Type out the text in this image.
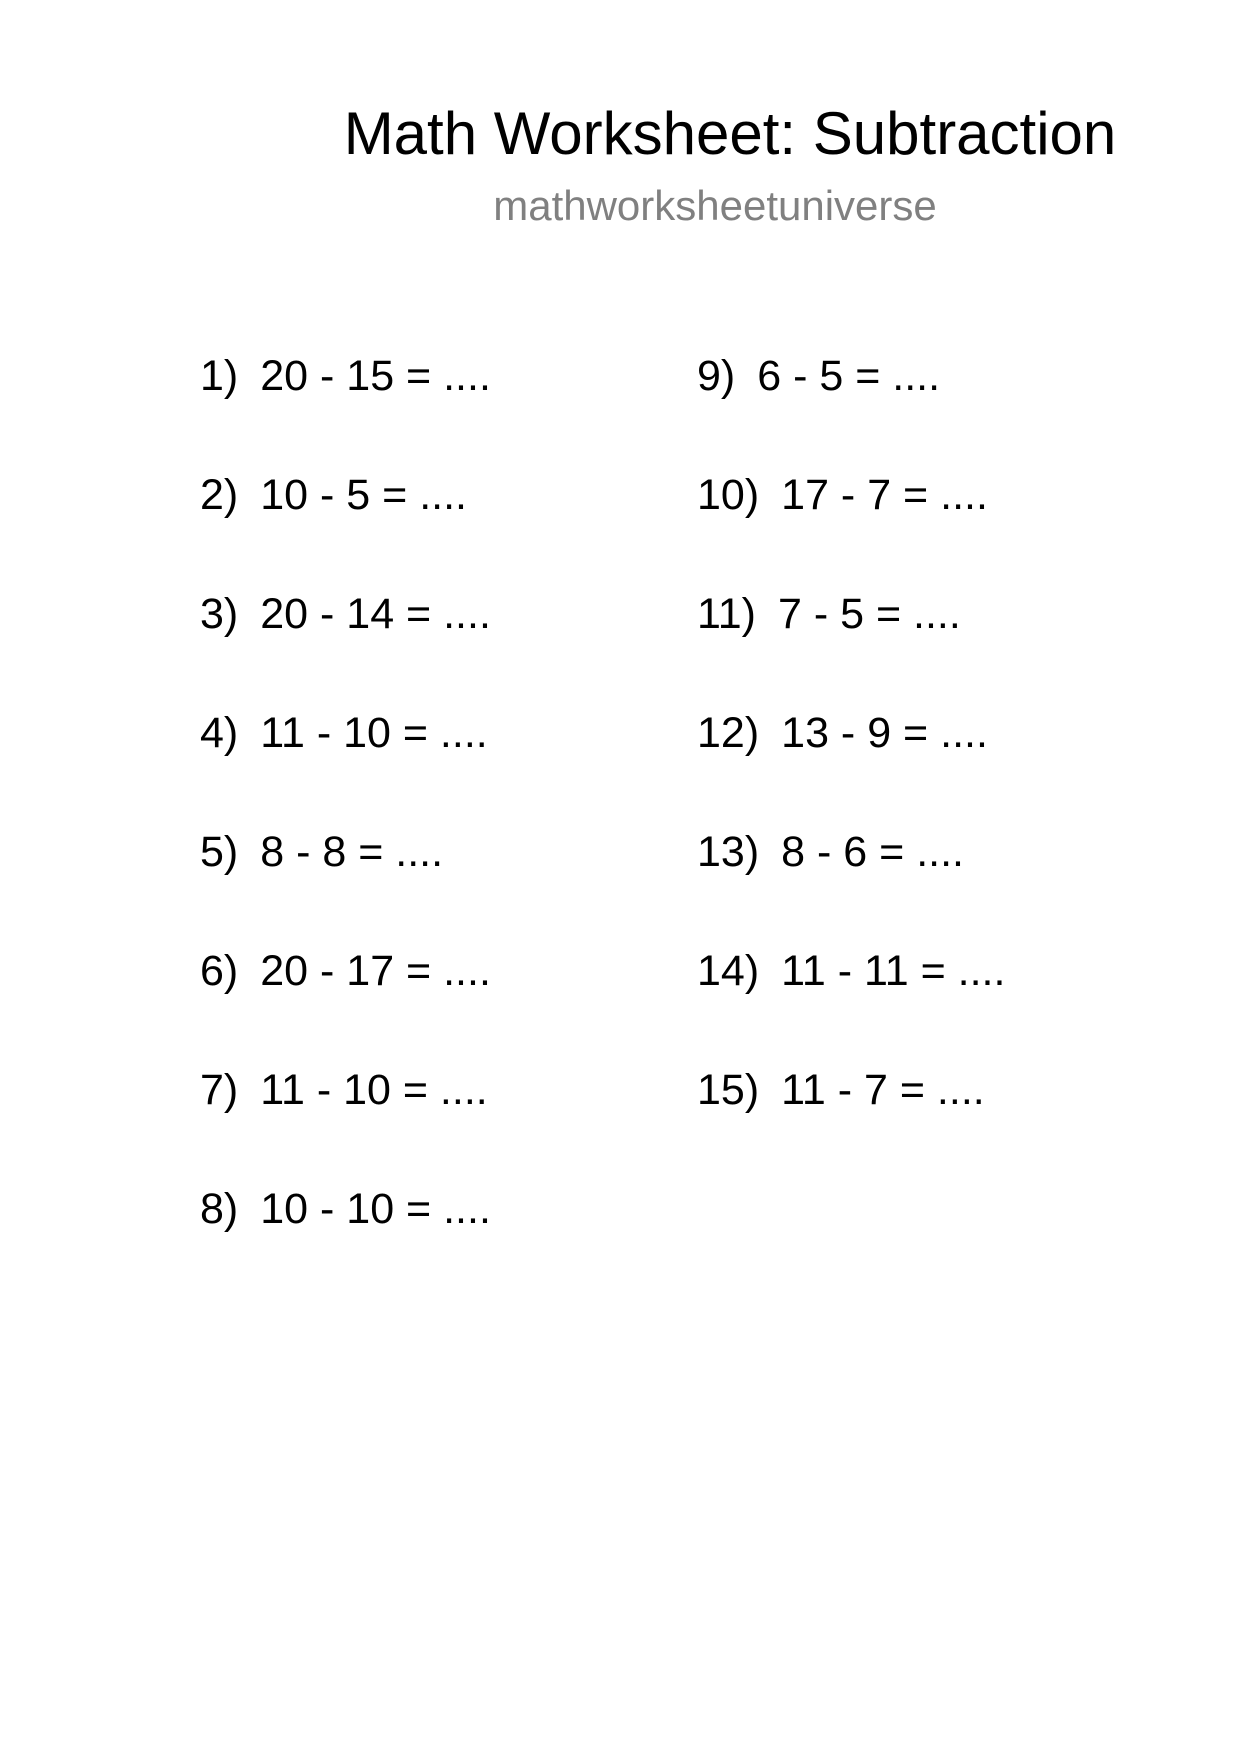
Math Worksheet: Subtraction
mathworksheetuniverse
1) 20 - 15 = ....
2) 10 - 5 = ....
3) 20 - 14 = ....
4) 11 - 10 = ....
5) 8 - 8 = ....
6) 20 - 17 = ....
7) 11 - 10 = ....
8) 10 - 10 = ....
9) 6 - 5 = ....
10) 17 - 7 = ....
11) 7 - 5 = ....
12) 13 - 9 = ....
13) 8 - 6 = ....
14) 11 - 11 = ....
15) 11 - 7 = ....
